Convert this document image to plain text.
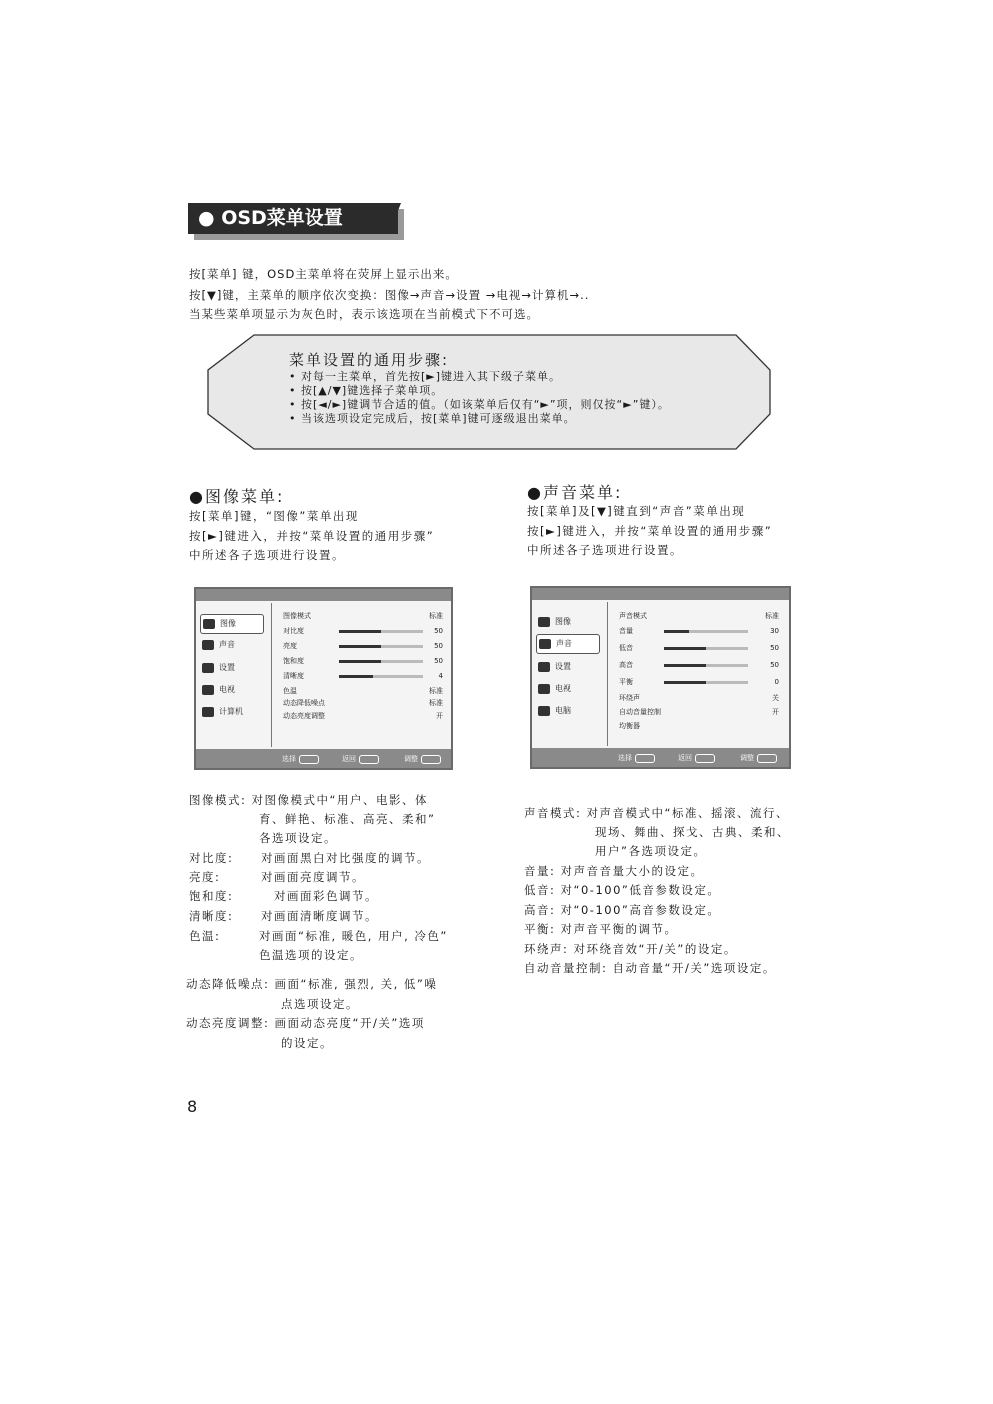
● OSD菜单设置
按[菜单] 键，OSD主菜单将在荧屏上显示出来。
按[▼]键，主菜单的顺序依次变换：图像→声音→设置 →电视→计算机→..
当某些菜单项显示为灰色时，表示该选项在当前模式下不可选。
菜单设置的通用步骤:
• 对每一主菜单，首先按[►]键进入其下级子菜单。
• 按[▲/▼]键选择子菜单项。
• 按[◄/►]键调节合适的值。（如该菜单后仅有“►”项，则仅按“►”键）。
• 当该选项设定完成后，按[菜单]键可逐级退出菜单。
●图像菜单:
按[菜单]键，“图像”菜单出现
按[►]键进入，并按“菜单设置的通用步骤”
中所述各子选项进行设置。
●声音菜单:
按[菜单]及[▼]键直到“声音”菜单出现
按[►]键进入，并按“菜单设置的通用步骤”
中所述各子选项进行设置。
图像
声音
设置
电视
计算机
图像模式	标准
对比度	50
亮度	50
饱和度	50
清晰度	4
色温	标准
动态降低噪点	标准
动态亮度调整	开
选择	返回	调整
图像
声音
设置
电视
电脑
声音模式	标准
音量	30
低音	50
高音	50
平衡	0
环绕声	关
自动音量控制	开
均衡器
选择	返回	调整
图像模式: 对图像模式中“用户、电影、体
育、鲜艳、标准、高亮、柔和”
各选项设定。
对比度: 对画面黑白对比强度的调节。
亮度:	对画面亮度调节。
饱和度:	对画面彩色调节。
清晰度: 对画面清晰度调节。
色温:	对画面“标准, 暖色, 用户, 冷色”
色温选项的设定。
动态降低噪点: 画面“标准, 强烈, 关, 低”噪
点选项设定。
动态亮度调整: 画面动态亮度“开/关”选项
的设定。
声音模式: 对声音模式中“标准、摇滚、流行、
现场、舞曲、探戈、古典、柔和、
用户”各选项设定。
音量: 对声音音量大小的设定。
低音: 对“0-100”低音参数设定。
高音: 对“0-100”高音参数设定。
平衡: 对声音平衡的调节。
环绕声: 对环绕音效“开/关”的设定。
自动音量控制: 自动音量“开/关”选项设定。
8
